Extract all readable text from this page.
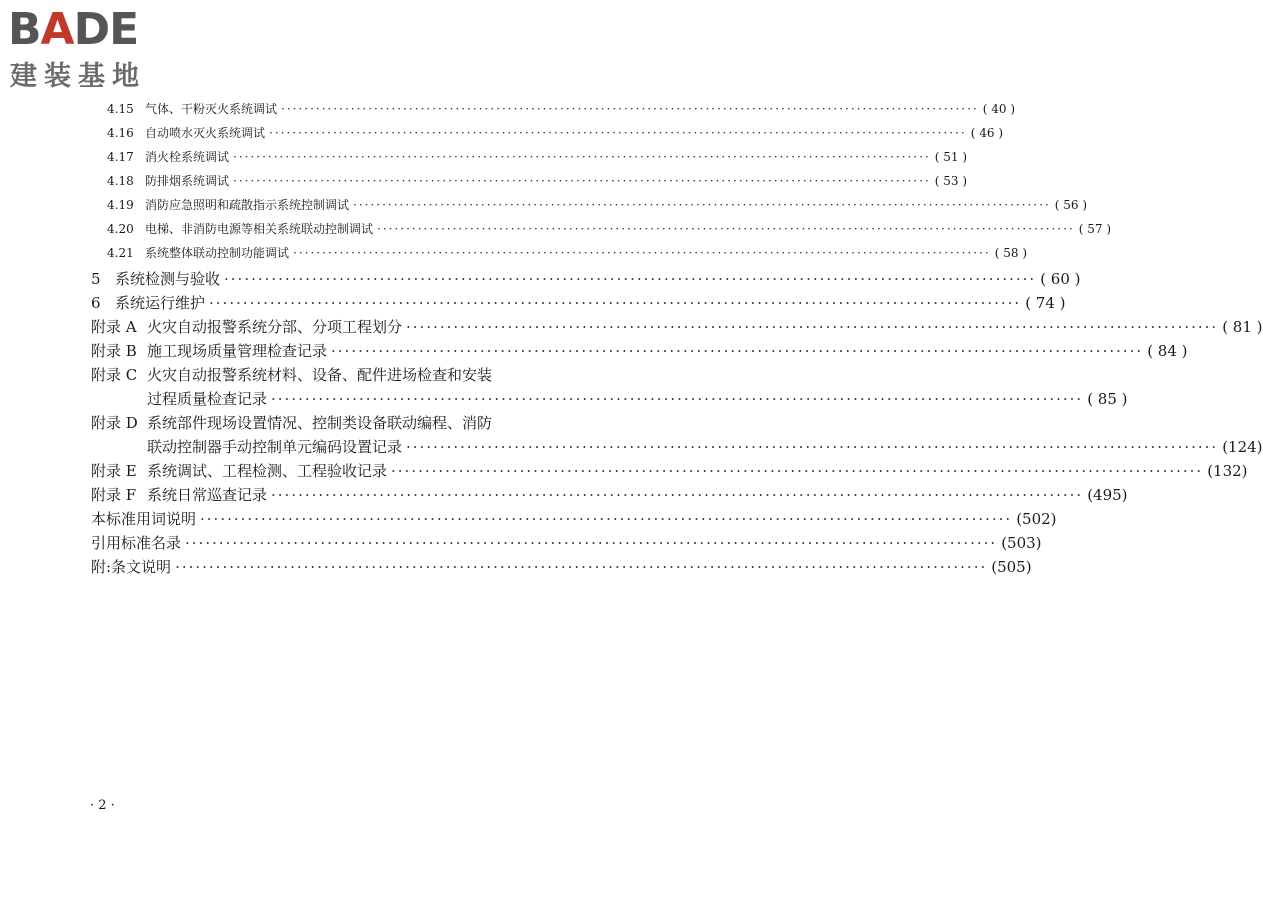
BADE
建装基地
4.15 气体、干粉灭火系统调试 ························································································································ ( 40 )
4.16 自动喷水灭火系统调试 ························································································································ ( 46 )
4.17 消火栓系统调试 ························································································································ ( 51 )
4.18 防排烟系统调试 ························································································································ ( 53 )
4.19 消防应急照明和疏散指示系统控制调试 ························································································································ ( 56 )
4.20 电梯、非消防电源等相关系统联动控制调试 ························································································································ ( 57 )
4.21 系统整体联动控制功能调试 ························································································································ ( 58 )
5 系统检测与验收 ························································································································ ( 60 )
6 系统运行维护 ························································································································ ( 74 )
附录 A 火灾自动报警系统分部、分项工程划分 ························································································································ ( 81 )
附录 B 施工现场质量管理检查记录 ························································································································ ( 84 )
附录 C 火灾自动报警系统材料、设备、配件进场检查和安装
过程质量检查记录 ························································································································ ( 85 )
附录 D 系统部件现场设置情况、控制类设备联动编程、消防
联动控制器手动控制单元编码设置记录 ························································································································ (124)
附录 E 系统调试、工程检测、工程验收记录 ························································································································ (132)
附录 F 系统日常巡查记录 ························································································································ (495)
本标准用词说明 ························································································································ (502)
引用标准名录 ························································································································ (503)
附:条文说明 ························································································································ (505)
· 2 ·
